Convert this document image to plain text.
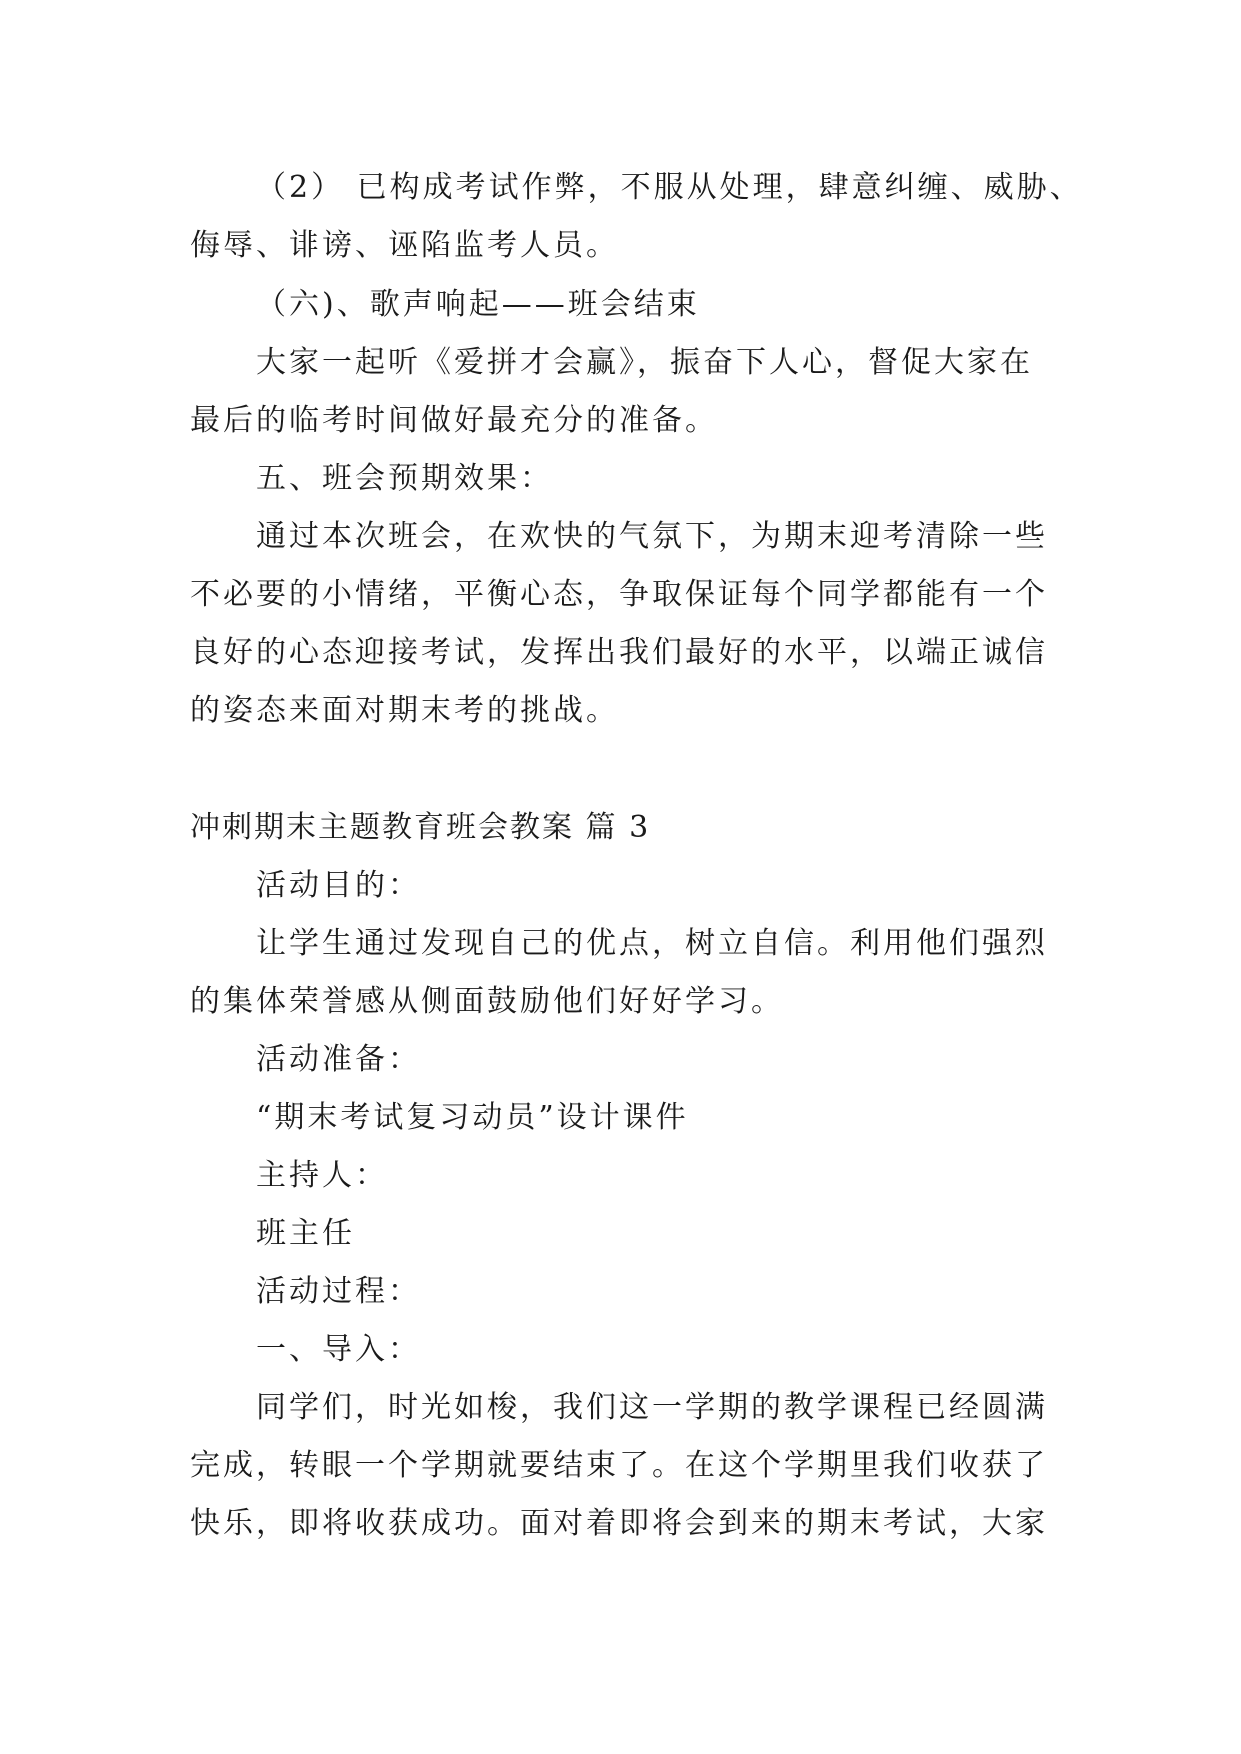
（2） 已构成考试作弊，不服从处理，肆意纠缠、威胁、
侮辱、诽谤、诬陷监考人员。
（六)、歌声响起——班会结束
大家一起听《爱拼才会赢》，振奋下人心，督促大家在
最后的临考时间做好最充分的准备。
五、班会预期效果：
通过本次班会，在欢快的气氛下，为期末迎考清除一些
不必要的小情绪，平衡心态，争取保证每个同学都能有一个
良好的心态迎接考试，发挥出我们最好的水平，以端正诚信
的姿态来面对期末考的挑战。
冲刺期末主题教育班会教案 篇 3
活动目的：
让学生通过发现自己的优点，树立自信。利用他们强烈
的集体荣誉感从侧面鼓励他们好好学习。
活动准备：
“期末考试复习动员”设计课件
主持人：
班主任
活动过程：
一、导入：
同学们，时光如梭，我们这一学期的教学课程已经圆满
完成，转眼一个学期就要结束了。在这个学期里我们收获了
快乐，即将收获成功。面对着即将会到来的期末考试，大家
